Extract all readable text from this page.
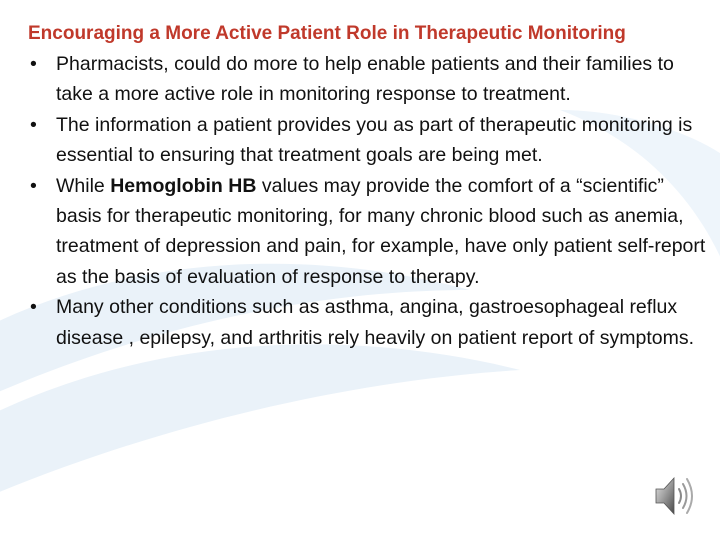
Encouraging a More Active Patient Role in Therapeutic Monitoring

• Pharmacists, could do more to help enable patients and their families to take a more active role in monitoring response to treatment.
• The information a patient provides you as part of therapeutic monitoring is essential to ensuring that treatment goals are being met.
• While Hemoglobin HB values may provide the comfort of a “scientific” basis for therapeutic monitoring, for many chronic blood such as anemia, treatment of depression and pain, for example, have only patient self-report as the basis of evaluation of response to therapy.
• Many other conditions such as asthma, angina, gastroesophageal reflux disease , epilepsy, and arthritis rely heavily on patient report of symptoms.
